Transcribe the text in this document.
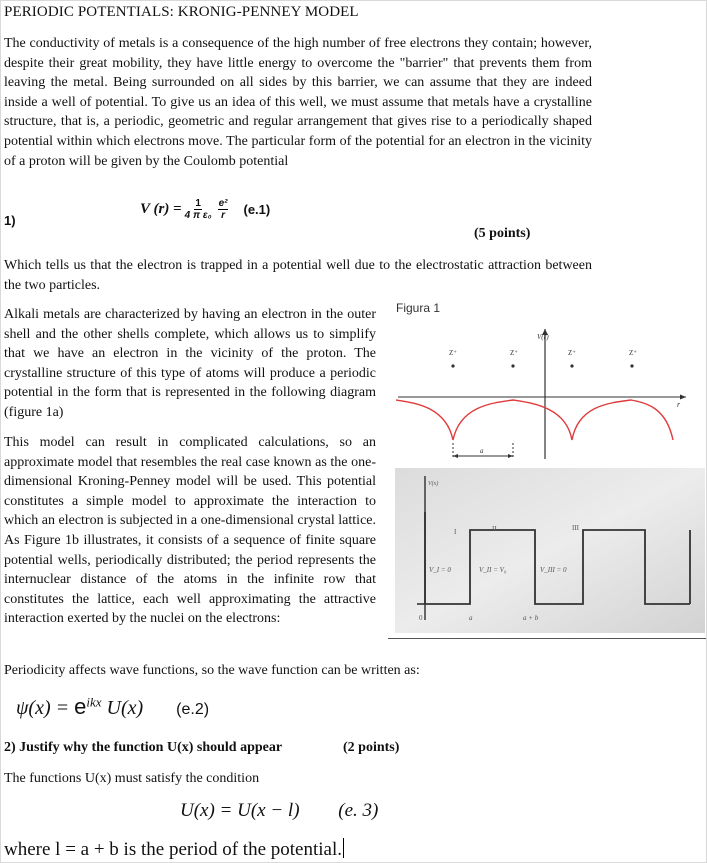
PERIODIC POTENTIALS: KRONIG-PENNEY MODEL
The conductivity of metals is a consequence of the high number of free electrons they contain; however, despite their great mobility, they have little energy to overcome the "barrier" that prevents them from leaving the metal. Being surrounded on all sides by this barrier, we can assume that they are indeed inside a well of potential. To give us an idea of this well, we must assume that metals have a crystalline structure, that is, a periodic, geometric and regular arrangement that gives rise to a periodically shaped potential within which electrons move. The particular form of the potential for an electron in the vicinity of a proton will be given by the Coulomb potential
1)
V $(r) = \frac{1}{\text{4 π ε₀}} \frac{\text{e²}}{r} (e.1)$
(5 points)
Which tells us that the electron is trapped in a potential well due to the electrostatic attraction between the two particles.
Alkali metals are characterized by having an electron in the outer shell and the other shells complete, which allows us to simplify that we have an electron in the vicinity of the proton. The crystalline structure of this type of atoms will produce a periodic potential in the form that is represented in the following diagram (figure 1a)
This model can result in complicated calculations, so an approximate model that resembles the real case known as the one-dimensional Kroning-Penney model will be used. This potential constitutes a simple model to approximate the interaction to which an electron is subjected in a one-dimensional crystal lattice. As Figure 1b illustrates, it consists of a sequence of finite square potential wells, periodically distributed; the period represents the internuclear distance of the atoms in the infinite row that constitutes the lattice, each well approximating the attractive interaction exerted by the nuclei on the electrons:
Figura 1
V(r)
r
Z⁺	Z⁺	Z⁺	Z⁺
a
V(x)
I	II	III
V_I = 0	V_II = V₀	V_III = 0
0	a	a + b
Periodicity affects wave functions, so the wave function can be written as:
$\psi(x) = e^{ikx}$ U(x) (e.2)
2) Justify why the function U(x) should appear	(2 points)
The functions U(x) must satisfy the condition
U(x) = U(x − l) (e. 3)
where l = a + b is the period of the potential.
